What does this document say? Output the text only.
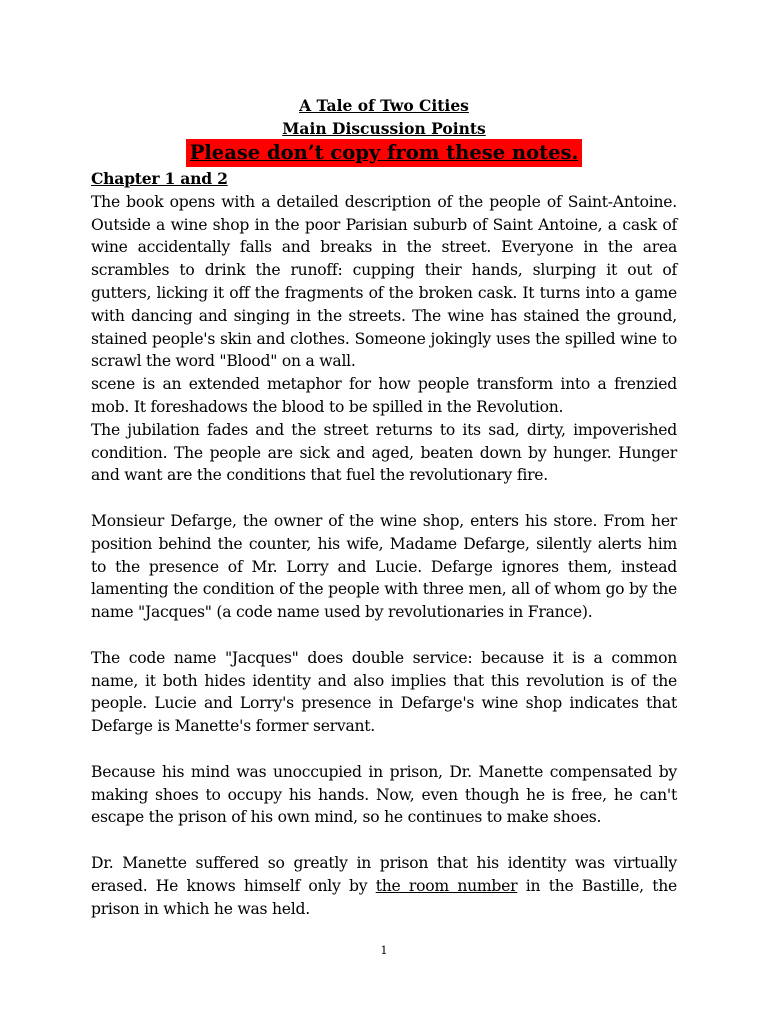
A Tale of Two Cities

Main Discussion Points

Please don’t copy from these notes.

Chapter 1 and 2

The book opens with a detailed description of the people of Saint-Antoine. Outside a wine shop in the poor Parisian suburb of Saint Antoine, a cask of wine accidentally falls and breaks in the street. Everyone in the area scrambles to drink the runoff: cupping their hands, slurping it out of gutters, licking it off the fragments of the broken cask. It turns into a game with dancing and singing in the streets. The wine has stained the ground, stained people's skin and clothes. Someone jokingly uses the spilled wine to scrawl the word "Blood" on a wall.

scene is an extended metaphor for how people transform into a frenzied mob. It foreshadows the blood to be spilled in the Revolution.

The jubilation fades and the street returns to its sad, dirty, impoverished condition. The people are sick and aged, beaten down by hunger. Hunger and want are the conditions that fuel the revolutionary fire.

Monsieur Defarge, the owner of the wine shop, enters his store. From her position behind the counter, his wife, Madame Defarge, silently alerts him to the presence of Mr. Lorry and Lucie. Defarge ignores them, instead lamenting the condition of the people with three men, all of whom go by the name "Jacques" (a code name used by revolutionaries in France).

The code name "Jacques" does double service: because it is a common name, it both hides identity and also implies that this revolution is of the people. Lucie and Lorry's presence in Defarge's wine shop indicates that Defarge is Manette's former servant.

Because his mind was unoccupied in prison, Dr. Manette compensated by making shoes to occupy his hands. Now, even though he is free, he can't escape the prison of his own mind, so he continues to make shoes.

Dr. Manette suffered so greatly in prison that his identity was virtually erased. He knows himself only by the room number in the Bastille, the prison in which he was held.

1
